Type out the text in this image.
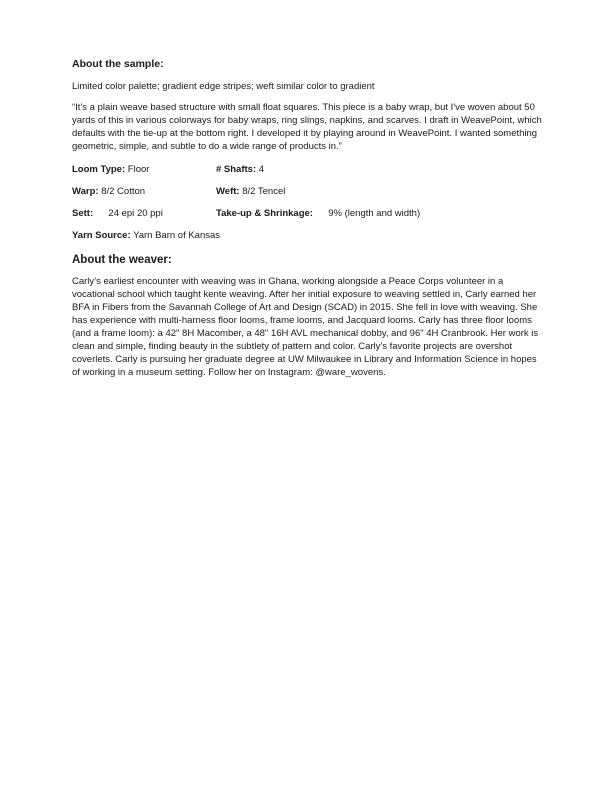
About the sample:

Limited color palette; gradient edge stripes; weft similar color to gradient

“It's a plain weave based structure with small float squares. This piece is a baby wrap, but I've woven about 50 yards of this in various colorways for baby wraps, ring slings, napkins, and scarves. I draft in WeavePoint, which defaults with the tie-up at the bottom right. I developed it by playing around in WeavePoint. I wanted something geometric, simple, and subtle to do a wide range of products in.”

Loom Type: Floor	# Shafts: 4
Warp: 8/2 Cotton	Weft: 8/2 Tencel
Sett: 24 epi 20 ppi	Take-up & Shrinkage: 9% (length and width)
Yarn Source: Yarn Barn of Kansas
About the weaver:

Carly’s earliest encounter with weaving was in Ghana, working alongside a Peace Corps volunteer in a vocational school which taught kente weaving. After her initial exposure to weaving settled in, Carly earned her BFA in Fibers from the Savannah College of Art and Design (SCAD) in 2015. She fell in love with weaving. She has experience with multi-harness floor looms, frame looms, and Jacquard looms. Carly has three floor looms (and a frame loom): a 42" 8H Macomber, a 48" 16H AVL mechanical dobby, and 96" 4H Cranbrook. Her work is clean and simple, finding beauty in the subtlety of pattern and color. Carly's favorite projects are overshot coverlets. Carly is pursuing her graduate degree at UW Milwaukee in Library and Information Science in hopes of working in a museum setting. Follow her on Instagram: @ware_wovens.
